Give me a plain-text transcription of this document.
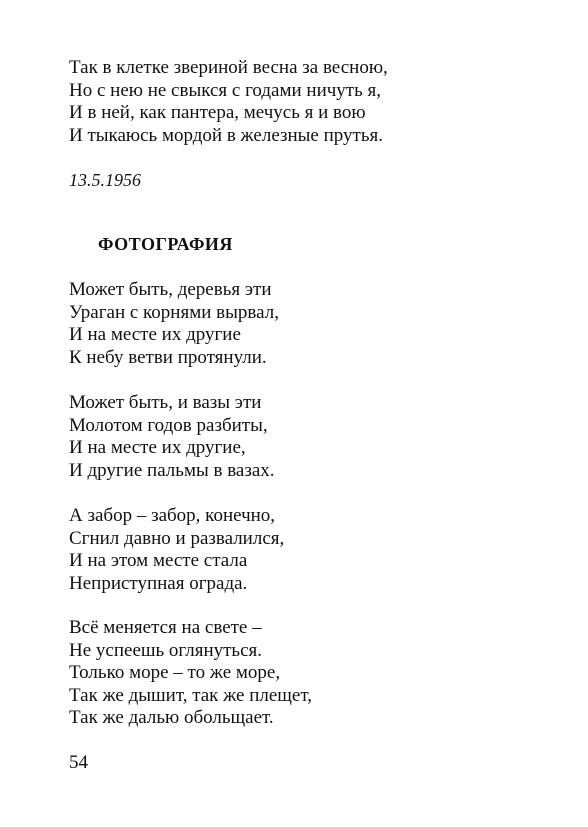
Так в клетке звериной весна за весною,
Но с нею не свыкся с годами ничуть я,
И в ней, как пантера, мечусь я и вою
И тыкаюсь мордой в железные прутья.

13.5.1956

ФОТОГРАФИЯ
Может быть, деревья эти
Ураган с корнями вырвал,
И на месте их другие
К небу ветви протянули.
Может быть, и вазы эти
Молотом годов разбиты,
И на месте их другие,
И другие пальмы в вазах.
А забор – забор, конечно,
Сгнил давно и развалился,
И на этом месте стала
Неприступная ограда.
Всё меняется на свете –
Не успеешь оглянуться.
Только море – то же море,
Так же дышит, так же плещет,
Так же далью обольщает.

54
